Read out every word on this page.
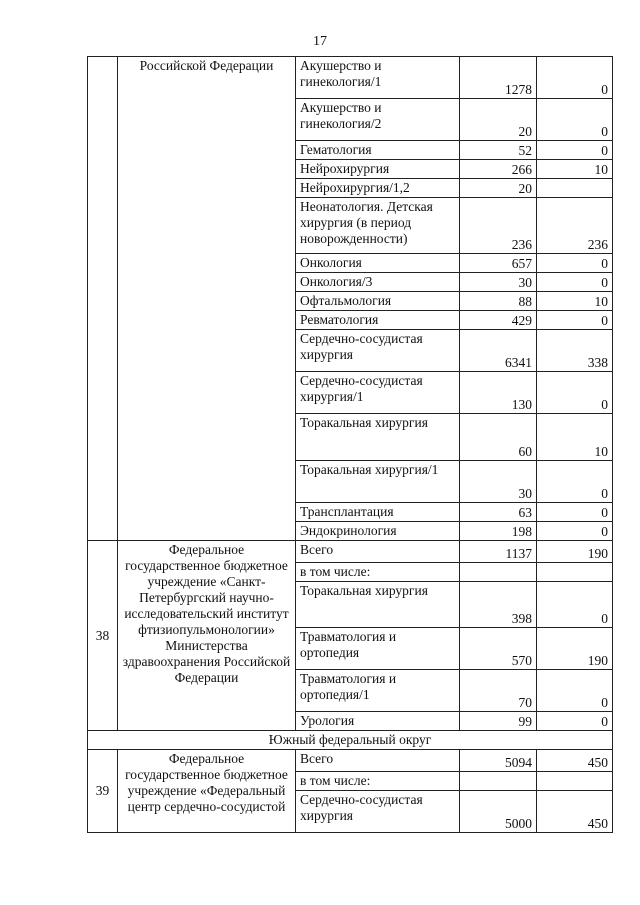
17
	Российской Федерации	Акушерство и гинекология/1	1278	0
		Акушерство и гинекология/2	20	0
		Гематология	52	0
		Нейрохирургия	266	10
		Нейрохирургия/1,2	20	
		Неонатология. Детская хирургия (в период новорожденности)	236	236
		Онкология	657	0
		Онкология/3	30	0
		Офтальмология	88	10
		Ревматология	429	0
		Сердечно-сосудистая хирургия	6341	338
		Сердечно-сосудистая хирургия/1	130	0
		Торакальная хирургия	60	10
		Торакальная хирургия/1	30	0
		Трансплантация	63	0
		Эндокринология	198	0
38	Федеральное государственное бюджетное учреждение «Санкт-Петербургский научно-исследовательский институт фтизиопульмонологии» Министерства здравоохранения Российской Федерации	Всего	1137	190
		в том числе:		
		Торакальная хирургия	398	0
		Травматология и ортопедия	570	190
		Травматология и ортопедия/1	70	0
		Урология	99	0
Южный федеральный округ				
39	Федеральное государственное бюджетное учреждение «Федеральный центр сердечно-сосудистой	Всего	5094	450
		в том числе:		
		Сердечно-сосудистая хирургия	5000	450
